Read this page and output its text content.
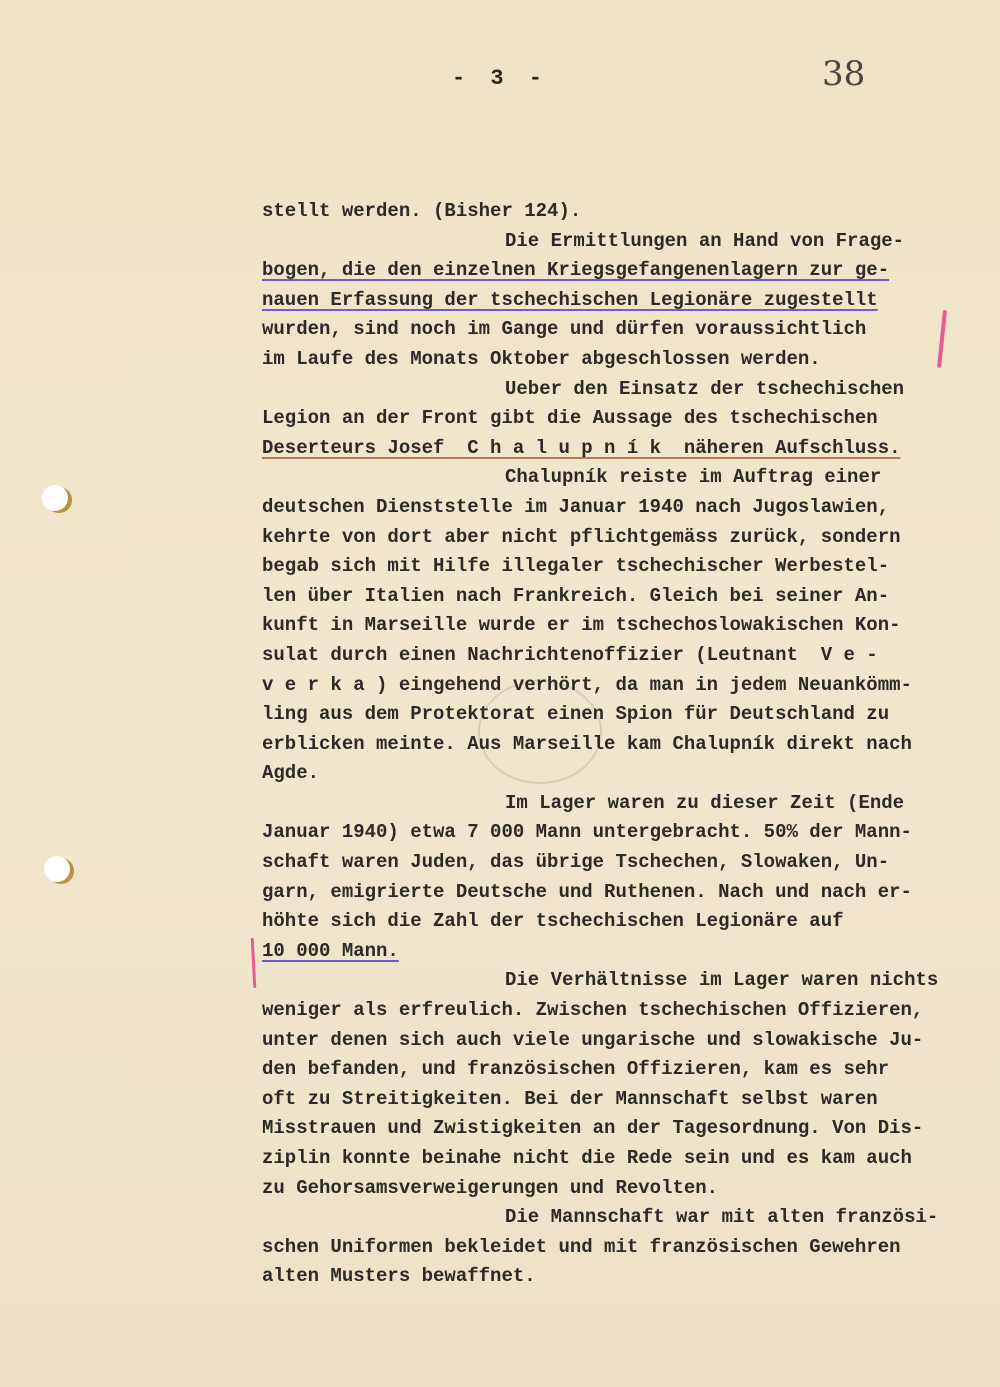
- 3 -	38
stellt werden. (Bisher 124).
Die Ermittlungen an Hand von Frage-
bogen, die den einzelnen Kriegsgefangenenlagern zur ge-
nauen Erfassung der tschechischen Legionäre zugestellt
wurden, sind noch im Gange und dürfen voraussichtlich
im Laufe des Monats Oktober abgeschlossen werden.
Ueber den Einsatz der tschechischen
Legion an der Front gibt die Aussage des tschechischen
Deserteurs Josef  C h a l u p n í k  näheren Aufschluss.
Chalupník reiste im Auftrag einer
deutschen Dienststelle im Januar 1940 nach Jugoslawien,
kehrte von dort aber nicht pflichtgemäss zurück, sondern
begab sich mit Hilfe illegaler tschechischer Werbestel-
len über Italien nach Frankreich. Gleich bei seiner An-
kunft in Marseille wurde er im tschechoslowakischen Kon-
sulat durch einen Nachrichtenoffizier (Leutnant  V e -
v e r k a ) eingehend verhört, da man in jedem Neuankömm-
ling aus dem Protektorat einen Spion für Deutschland zu
erblicken meinte. Aus Marseille kam Chalupník direkt nach
Agde.
Im Lager waren zu dieser Zeit (Ende
Januar 1940) etwa 7 000 Mann untergebracht. 50% der Mann-
schaft waren Juden, das übrige Tschechen, Slowaken, Un-
garn, emigrierte Deutsche und Ruthenen. Nach und nach er-
höhte sich die Zahl der tschechischen Legionäre auf
10 000 Mann.
Die Verhältnisse im Lager waren nichts
weniger als erfreulich. Zwischen tschechischen Offizieren,
unter denen sich auch viele ungarische und slowakische Ju-
den befanden, und französischen Offizieren, kam es sehr
oft zu Streitigkeiten. Bei der Mannschaft selbst waren
Misstrauen und Zwistigkeiten an der Tagesordnung. Von Dis-
ziplin konnte beinahe nicht die Rede sein und es kam auch
zu Gehorsamsverweigerungen und Revolten.
Die Mannschaft war mit alten französi-
schen Uniformen bekleidet und mit französischen Gewehren
alten Musters bewaffnet.
